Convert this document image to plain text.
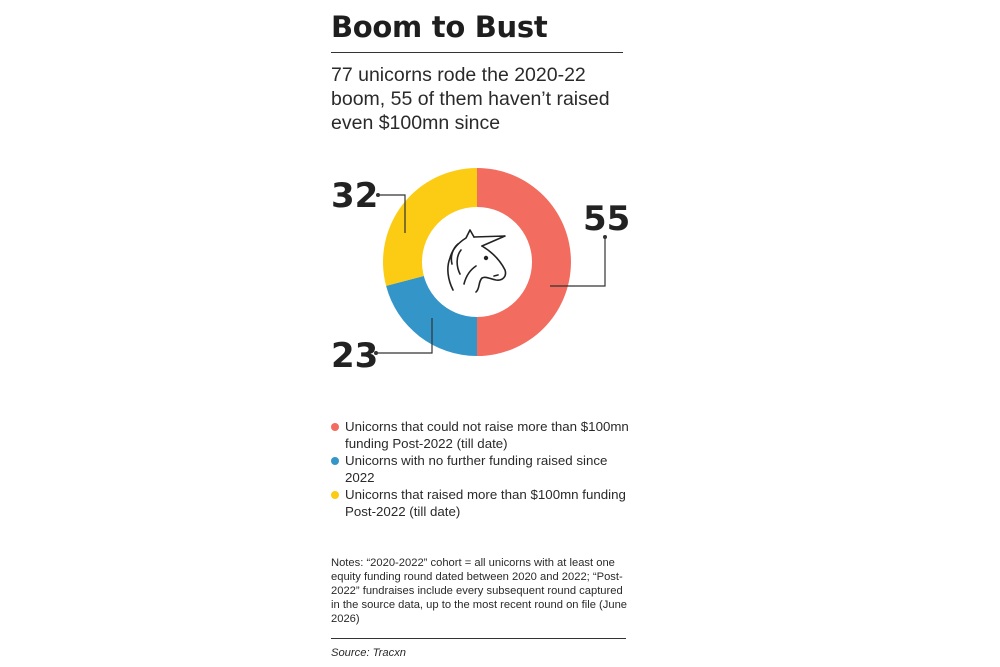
Boom to Bust
77 unicorns rode the 2020-22 boom, 55 of them haven’t raised even $100mn since
55
23
32
Unicorns that could not raise more than $100mn funding Post-2022 (till date)
Unicorns with no further funding raised since 2022
Unicorns that raised more than $100mn funding Post-2022 (till date)
Notes: “2020-2022” cohort = all unicorns with at least one equity funding round dated between 2020 and 2022; “Post-2022” fundraises include every subsequent round captured in the source data, up to the most recent round on file (June 2026)
Source: Tracxn
